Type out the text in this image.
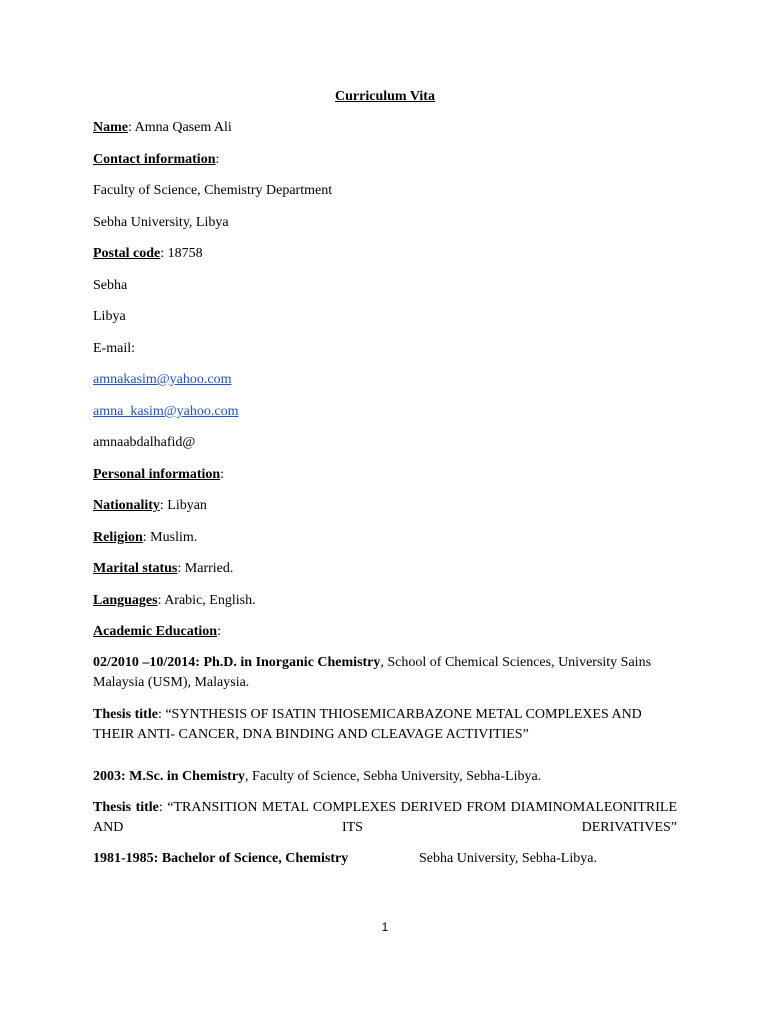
Curriculum Vita
Name: Amna Qasem Ali
Contact information:
Faculty of Science, Chemistry Department
Sebha University, Libya
Postal code: 18758
Sebha
Libya
E-mail:
amnakasim@yahoo.com
amna_kasim@yahoo.com
amnaabdalhafid@
Personal information:
Nationality: Libyan
Religion: Muslim.
Marital status: Married.
Languages: Arabic, English.
Academic Education:
02/2010 –10/2014: Ph.D. in Inorganic Chemistry, School of Chemical Sciences, University Sains Malaysia (USM), Malaysia.
Thesis title: “SYNTHESIS OF ISATIN THIOSEMICARBAZONE METAL COMPLEXES AND THEIR ANTI- CANCER, DNA BINDING AND CLEAVAGE ACTIVITIES”
2003: M.Sc. in Chemistry, Faculty of Science, Sebha University, Sebha-Libya.
Thesis title: “TRANSITION METAL COMPLEXES DERIVED FROM DIAMINOMALEONITRILE AND ITS DERIVATIVES”
1981-1985: Bachelor of Science, Chemistry	Sebha University, Sebha-Libya.
1
